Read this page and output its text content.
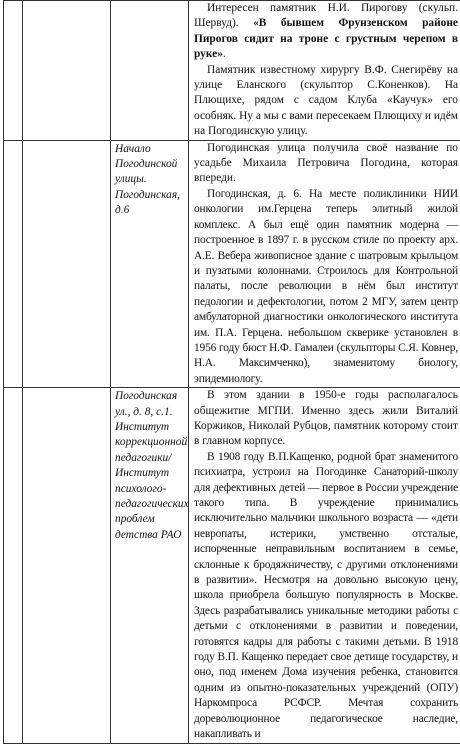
			Интересен памятник Н.И. Пирогову (скульп. Шервуд). «В бывшем Фрунзенском районе Пирогов сидит на троне с грустным черепом в руке».

Памятник известному хирургу В.Ф. Снегирёву на улице Еланского (скульптор С.Коненков). На Плющихе, рядом с садом Клуба «Каучук» его особняк. Ну а мы с вами пересекаем Плющиху и идём на Погодинскую улицу.

		Начало Погодинской улицы. Погодинская, д.6	Погодинская улица получила своё название по усадьбе Михаила Петровича Погодина, которая впереди.

Погодинская, д. 6. На месте поликлиники НИИ онкологии им.Герцена теперь элитный жилой комплекс. А был ещё один памятник модерна — построенное в 1897 г. в русском стиле по проекту арх. А.Е. Вебера живописное здание с шатровым крыльцом и пузатыми колоннами. Строилось для Контрольной палаты, после революции в нём был институт педологии и дефектологии, потом 2 МГУ, затем центр амбулаторной диагностики онкологического института им. П.А. Герцена. небольшом скверике установлен в 1956 году бюст Н.Ф. Гамалеи (скульпторы С.Я. Ковнер, Н.А. Максимченко), знаменитому биологу, эпидемиологу.

		Погодинская ул., д. 8, с.1. Институт коррекционной педагогики/ Институт психолого-педагогических проблем детства РАО	В этом здании в 1950-е годы располагалось общежитие МГПИ. Именно здесь жили Виталий Коржиков, Николай Рубцов, памятник которому стоит в главном корпусе.

В 1908 году В.П.Кащенко, родной брат знаменитого психиатра, устроил на Погодинке Санаторий-школу для дефективных детей — первое в России учреждение такого типа. В учреждение принимались исключительно мальчики школьного возраста — «дети невропаты, истерики, умственно отсталые, испорченные неправильным воспитанием в семье, склонные к бродяжничеству, с другими отклонениями в развитии». Несмотря на довольно высокую цену, школа приобрела большую популярность в Москве. Здесь разрабатывались уникальные методики работы с детьми с отклонениями в развитии и поведении, готовятся кадры для работы с такими детьми. В 1918 году В.П. Кащенко передает свое детище государству, и оно, под именем Дома изучения ребенка, становится одним из опытно-показательных учреждений (ОПУ) Наркомпроса РСФСР. Мечтая сохранить дореволюционное педагогическое наследие, накапливать и
